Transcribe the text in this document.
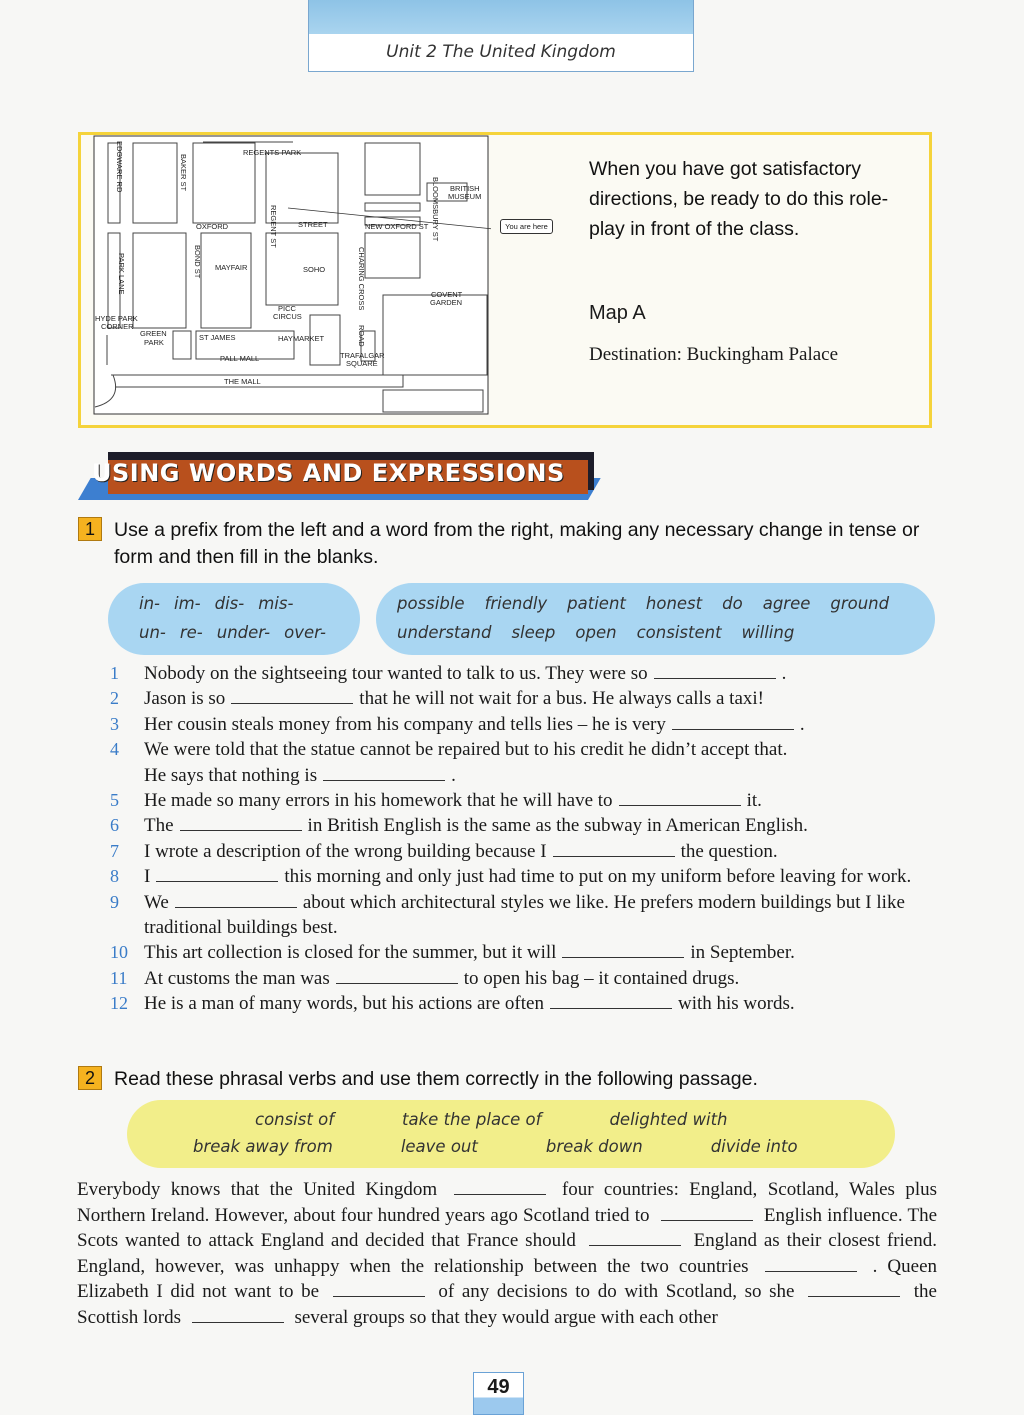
Unit 2 The United Kingdom
REGENTS PARK
EDGWARE RD	BAKER ST
OXFORD	STREET
REGENT ST	NEW OXFORD ST BLOOMSBURY ST BRITISH
MUSEUM
PARK LANE	BOND ST MAYFAIR	SOHO	CHARING CROSS
ROAD
COVENT
GARDEN
PICC
CIRCUS
HYDE PARK
CORNER
GREEN
PARK
ST JAMES	HAYMARKET
PALL MALL	TRAFALGAR
SQUARE
THE MALL
You are here
When you have got satisfactory directions, be ready to do this role-play in front of the class.
Map A
Destination: Buckingham Palace
USING WORDS AND EXPRESSIONS
1 Use a prefix from the left and a word from the right, making any necessary change in tense or form and then fill in the blanks.
in- im- dis- mis-
un- re- under- over-
possible friendly patient honest do agree ground
understand sleep open consistent willing
1	Nobody on the sightseeing tour wanted to talk to us. They were so	.
2	Jason is so	that he will not wait for a bus. He always calls a taxi!
3	Her cousin steals money from his company and tells lies – he is very	.
4	We were told that the statue cannot be repaired but to his credit he didn’t accept that.
He says that nothing is	.
5	He made so many errors in his homework that he will have to	it.
6	The	in British English is the same as the subway in American English.
7	I wrote a description of the wrong building because I	the question.
8	I	this morning and only just had time to put on my uniform before leaving for work.
9	We	about which architectural styles we like. He prefers modern buildings but I like traditional buildings best.
10 This art collection is closed for the summer, but it will	in September.
11 At customs the man was	to open his bag – it contained drugs.
12 He is a man of many words, but his actions are often	with his words.
2 Read these phrasal verbs and use them correctly in the following passage.
consist of	take the place of	delighted with
break away from	leave out	break down	divide into
Everybody knows that the United Kingdom	four countries: England, Scotland, Wales plus Northern Ireland. However, about four hundred years ago Scotland tried to	English influence. The Scots wanted to attack England and decided that France should	England as their closest friend. England, however, was unhappy when the relationship between the two countries	. Queen Elizabeth I did not want to be	of any decisions to do with Scotland, so she	the Scottish lords	several groups so that they would argue with each other
49
